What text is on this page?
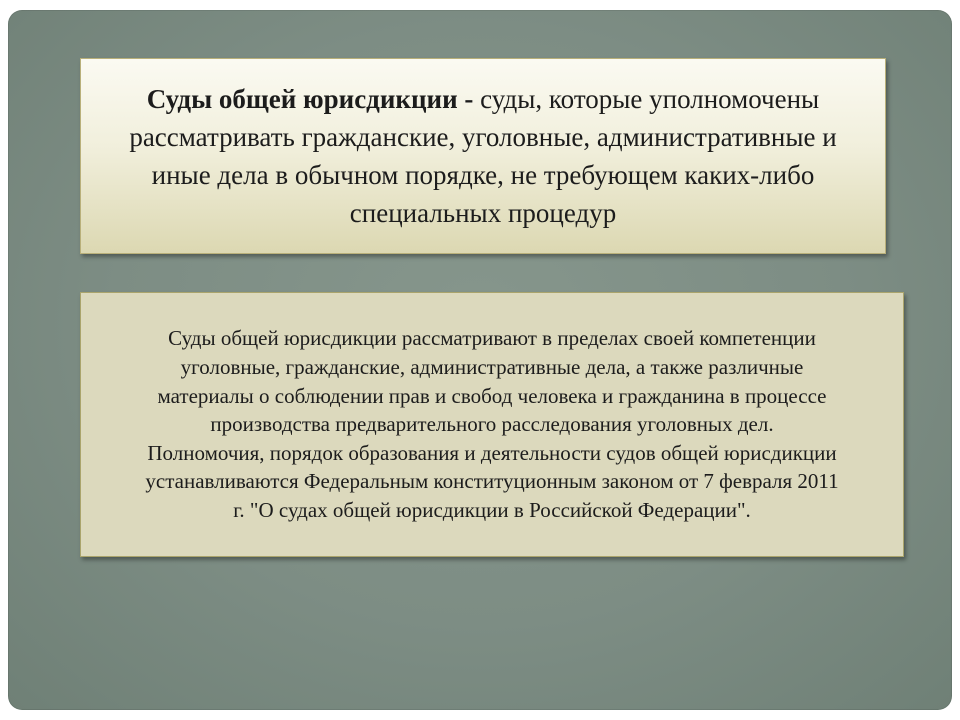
Суды общей юрисдикции - суды, которые уполномочены рассматривать гражданские, уголовные, административные и иные дела в обычном порядке, не требующем каких-либо специальных процедур

Суды общей юрисдикции рассматривают в пределах своей компетенции
уголовные, гражданские, административные дела, а также различные
материалы о соблюдении прав и свобод человека и гражданина в процессе
производства предварительного расследования уголовных дел.
Полномочия, порядок образования и деятельности судов общей юрисдикции
устанавливаются Федеральным конституционным законом от 7 февраля 2011
г. "О судах общей юрисдикции в Российской Федерации".
